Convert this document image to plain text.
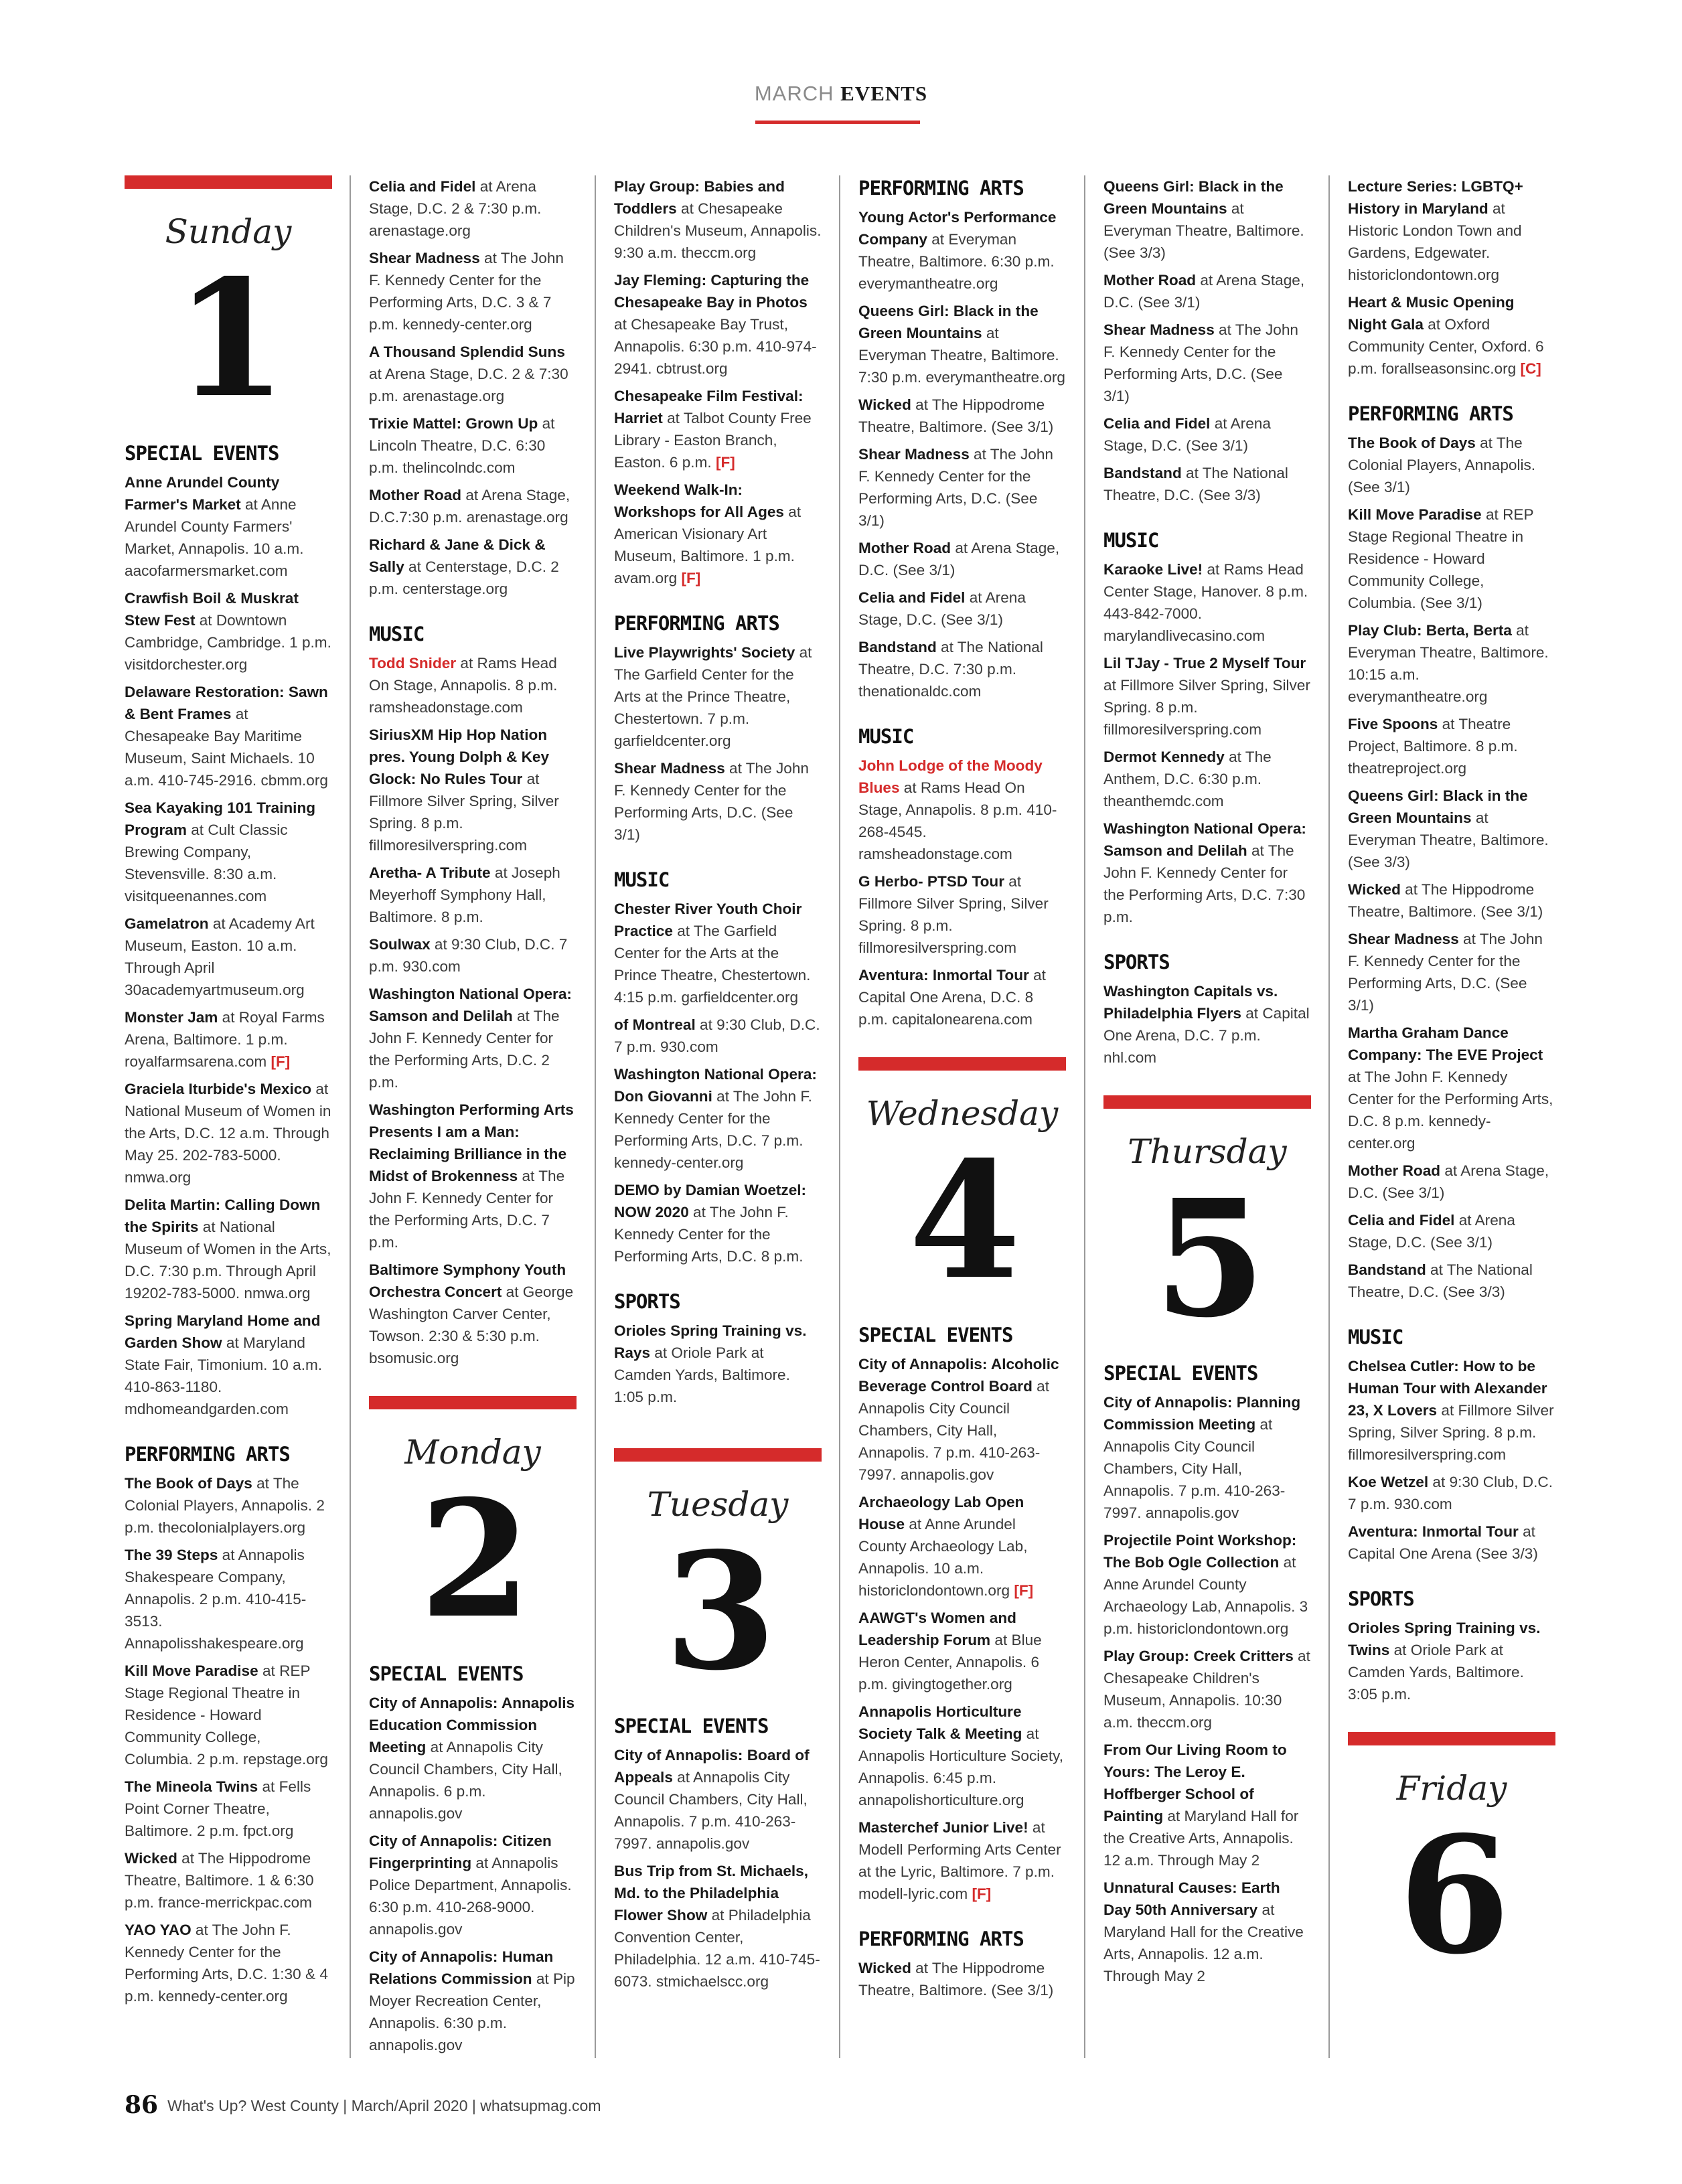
MARCH EVENTS
Sunday
1
SPECIAL EVENTS

Anne Arundel County Farmer's Market at Anne Arundel County Farmers' Market, Annapolis. 10 a.m. aacofarmersmarket.com

Crawfish Boil & Muskrat Stew Fest at Downtown Cambridge, Cambridge. 1 p.m. visitdorchester.org

Delaware Restoration: Sawn & Bent Frames at Chesapeake Bay Maritime Museum, Saint Michaels. 10 a.m. 410-745-2916. cbmm.org

Sea Kayaking 101 Training Program at Cult Classic Brewing Company, Stevensville. 8:30 a.m. visitqueenannes.com

Gamelatron at Academy Art Museum, Easton. 10 a.m. Through April 30academyartmuseum.org

Monster Jam at Royal Farms Arena, Baltimore. 1 p.m. royalfarmsarena.com [F]

Graciela Iturbide's Mexico at National Museum of Women in the Arts, D.C. 12 a.m. Through May 25. 202-783-5000. nmwa.org

Delita Martin: Calling Down the Spirits at National Museum of Women in the Arts, D.C. 7:30 p.m. Through April 19202-783-5000. nmwa.org

Spring Maryland Home and Garden Show at Maryland State Fair, Timonium. 10 a.m. 410-863-1180. mdhomeandgarden.com

PERFORMING ARTS

The Book of Days at The Colonial Players, Annapolis. 2 p.m. thecolonialplayers.org

The 39 Steps at Annapolis Shakespeare Company, Annapolis. 2 p.m. 410-415-3513. Annapolisshakespeare.org

Kill Move Paradise at REP Stage Regional Theatre in Residence - Howard Community College, Columbia. 2 p.m. repstage.org

The Mineola Twins at Fells Point Corner Theatre, Baltimore. 2 p.m. fpct.org

Wicked at The Hippodrome Theatre, Baltimore. 1 & 6:30 p.m. france-merrickpac.com

YAO YAO at The John F. Kennedy Center for the Performing Arts, D.C. 1:30 & 4 p.m. kennedy-center.org

Celia and Fidel at Arena Stage, D.C. 2 & 7:30 p.m. arenastage.org

Shear Madness at The John F. Kennedy Center for the Performing Arts, D.C. 3 & 7 p.m. kennedy-center.org

A Thousand Splendid Suns at Arena Stage, D.C. 2 & 7:30 p.m. arenastage.org

Trixie Mattel: Grown Up at Lincoln Theatre, D.C. 6:30 p.m. thelincolndc.com

Mother Road at Arena Stage, D.C.7:30 p.m. arenastage.org

Richard & Jane & Dick & Sally at Centerstage, D.C. 2 p.m. centerstage.org

MUSIC

Todd Snider at Rams Head On Stage, Annapolis. 8 p.m. ramsheadonstage.com

SiriusXM Hip Hop Nation pres. Young Dolph & Key Glock: No Rules Tour at Fillmore Silver Spring, Silver Spring. 8 p.m. fillmoresilverspring.com

Aretha- A Tribute at Joseph Meyerhoff Symphony Hall, Baltimore. 8 p.m.

Soulwax at 9:30 Club, D.C. 7 p.m. 930.com

Washington National Opera: Samson and Delilah at The John F. Kennedy Center for the Performing Arts, D.C. 2 p.m.

Washington Performing Arts Presents I am a Man: Reclaiming Brilliance in the Midst of Brokenness at The John F. Kennedy Center for the Performing Arts, D.C. 7 p.m.

Baltimore Symphony Youth Orchestra Concert at George Washington Carver Center, Towson. 2:30 & 5:30 p.m. bsomusic.org

Monday
2
SPECIAL EVENTS

City of Annapolis: Annapolis Education Commission Meeting at Annapolis City Council Chambers, City Hall, Annapolis. 6 p.m. annapolis.gov

City of Annapolis: Citizen Fingerprinting at Annapolis Police Department, Annapolis. 6:30 p.m. 410-268-9000. annapolis.gov

City of Annapolis: Human Relations Commission at Pip Moyer Recreation Center, Annapolis. 6:30 p.m. annapolis.gov

Play Group: Babies and Toddlers at Chesapeake Children's Museum, Annapolis. 9:30 a.m. theccm.org

Jay Fleming: Capturing the Chesapeake Bay in Photos at Chesapeake Bay Trust, Annapolis. 6:30 p.m. 410-974-2941. cbtrust.org

Chesapeake Film Festival: Harriet at Talbot County Free Library - Easton Branch, Easton. 6 p.m. [F]

Weekend Walk-In: Workshops for All Ages at American Visionary Art Museum, Baltimore. 1 p.m. avam.org [F]

PERFORMING ARTS

Live Playwrights' Society at The Garfield Center for the Arts at the Prince Theatre, Chestertown. 7 p.m. garfieldcenter.org

Shear Madness at The John F. Kennedy Center for the Performing Arts, D.C. (See 3/1)

MUSIC

Chester River Youth Choir Practice at The Garfield Center for the Arts at the Prince Theatre, Chestertown. 4:15 p.m. garfieldcenter.org

of Montreal at 9:30 Club, D.C. 7 p.m. 930.com

Washington National Opera: Don Giovanni at The John F. Kennedy Center for the Performing Arts, D.C. 7 p.m. kennedy-center.org

DEMO by Damian Woetzel: NOW 2020 at The John F. Kennedy Center for the Performing Arts, D.C. 8 p.m.

SPORTS

Orioles Spring Training vs. Rays at Oriole Park at Camden Yards, Baltimore. 1:05 p.m.

Tuesday
3
SPECIAL EVENTS

City of Annapolis: Board of Appeals at Annapolis City Council Chambers, City Hall, Annapolis. 7 p.m. 410-263-7997. annapolis.gov

Bus Trip from St. Michaels, Md. to the Philadelphia Flower Show at Philadelphia Convention Center, Philadelphia. 12 a.m. 410-745-6073. stmichaelscc.org

PERFORMING ARTS

Young Actor's Performance Company at Everyman Theatre, Baltimore. 6:30 p.m. everymantheatre.org

Queens Girl: Black in the Green Mountains at Everyman Theatre, Baltimore. 7:30 p.m. everymantheatre.org

Wicked at The Hippodrome Theatre, Baltimore. (See 3/1)

Shear Madness at The John F. Kennedy Center for the Performing Arts, D.C. (See 3/1)

Mother Road at Arena Stage, D.C. (See 3/1)

Celia and Fidel at Arena Stage, D.C. (See 3/1)

Bandstand at The National Theatre, D.C. 7:30 p.m. thenationaldc.com

MUSIC

John Lodge of the Moody Blues at Rams Head On Stage, Annapolis. 8 p.m. 410-268-4545. ramsheadonstage.com

G Herbo- PTSD Tour at Fillmore Silver Spring, Silver Spring. 8 p.m. fillmoresilverspring.com

Aventura: Inmortal Tour at Capital One Arena, D.C. 8 p.m. capitalonearena.com

Wednesday
4
SPECIAL EVENTS

City of Annapolis: Alcoholic Beverage Control Board at Annapolis City Council Chambers, City Hall, Annapolis. 7 p.m. 410-263-7997. annapolis.gov

Archaeology Lab Open House at Anne Arundel County Archaeology Lab, Annapolis. 10 a.m. historiclondontown.org [F]

AAWGT's Women and Leadership Forum at Blue Heron Center, Annapolis. 6 p.m. givingtogether.org

Annapolis Horticulture Society Talk & Meeting at Annapolis Horticulture Society, Annapolis. 6:45 p.m. annapolishorticulture.org

Masterchef Junior Live! at Modell Performing Arts Center at the Lyric, Baltimore. 7 p.m. modell-lyric.com [F]

PERFORMING ARTS

Wicked at The Hippodrome Theatre, Baltimore. (See 3/1)

Queens Girl: Black in the Green Mountains at Everyman Theatre, Baltimore. (See 3/3)

Mother Road at Arena Stage, D.C. (See 3/1)

Shear Madness at The John F. Kennedy Center for the Performing Arts, D.C. (See 3/1)

Celia and Fidel at Arena Stage, D.C. (See 3/1)

Bandstand at The National Theatre, D.C. (See 3/3)

MUSIC

Karaoke Live! at Rams Head Center Stage, Hanover. 8 p.m. 443-842-7000. marylandlivecasino.com

Lil TJay - True 2 Myself Tour at Fillmore Silver Spring, Silver Spring. 8 p.m. fillmoresilverspring.com

Dermot Kennedy at The Anthem, D.C. 6:30 p.m. theanthemdc.com

Washington National Opera: Samson and Delilah at The John F. Kennedy Center for the Performing Arts, D.C. 7:30 p.m.

SPORTS

Washington Capitals vs. Philadelphia Flyers at Capital One Arena, D.C. 7 p.m. nhl.com

Thursday
5
SPECIAL EVENTS

City of Annapolis: Planning Commission Meeting at Annapolis City Council Chambers, City Hall, Annapolis. 7 p.m. 410-263-7997. annapolis.gov

Projectile Point Workshop: The Bob Ogle Collection at Anne Arundel County Archaeology Lab, Annapolis. 3 p.m. historiclondontown.org

Play Group: Creek Critters at Chesapeake Children's Museum, Annapolis. 10:30 a.m. theccm.org

From Our Living Room to Yours: The Leroy E. Hoffberger School of Painting at Maryland Hall for the Creative Arts, Annapolis. 12 a.m. Through May 2

Unnatural Causes: Earth Day 50th Anniversary at Maryland Hall for the Creative Arts, Annapolis. 12 a.m. Through May 2

Lecture Series: LGBTQ+ History in Maryland at Historic London Town and Gardens, Edgewater. historiclondontown.org

Heart & Music Opening Night Gala at Oxford Community Center, Oxford. 6 p.m. forallseasonsinc.org [C]

PERFORMING ARTS

The Book of Days at The Colonial Players, Annapolis. (See 3/1)

Kill Move Paradise at REP Stage Regional Theatre in Residence - Howard Community College, Columbia. (See 3/1)

Play Club: Berta, Berta at Everyman Theatre, Baltimore. 10:15 a.m. everymantheatre.org

Five Spoons at Theatre Project, Baltimore. 8 p.m. theatreproject.org

Queens Girl: Black in the Green Mountains at Everyman Theatre, Baltimore. (See 3/3)

Wicked at The Hippodrome Theatre, Baltimore. (See 3/1)

Shear Madness at The John F. Kennedy Center for the Performing Arts, D.C. (See 3/1)

Martha Graham Dance Company: The EVE Project at The John F. Kennedy Center for the Performing Arts, D.C. 8 p.m. kennedy-center.org

Mother Road at Arena Stage, D.C. (See 3/1)

Celia and Fidel at Arena Stage, D.C. (See 3/1)

Bandstand at The National Theatre, D.C. (See 3/3)

MUSIC

Chelsea Cutler: How to be Human Tour with Alexander 23, X Lovers at Fillmore Silver Spring, Silver Spring. 8 p.m. fillmoresilverspring.com

Koe Wetzel at 9:30 Club, D.C. 7 p.m. 930.com

Aventura: Inmortal Tour at Capital One Arena (See 3/3)

SPORTS

Orioles Spring Training vs. Twins at Oriole Park at Camden Yards, Baltimore. 3:05 p.m.

Friday
6
86 What's Up? West County | March/April 2020 | whatsupmag.com
